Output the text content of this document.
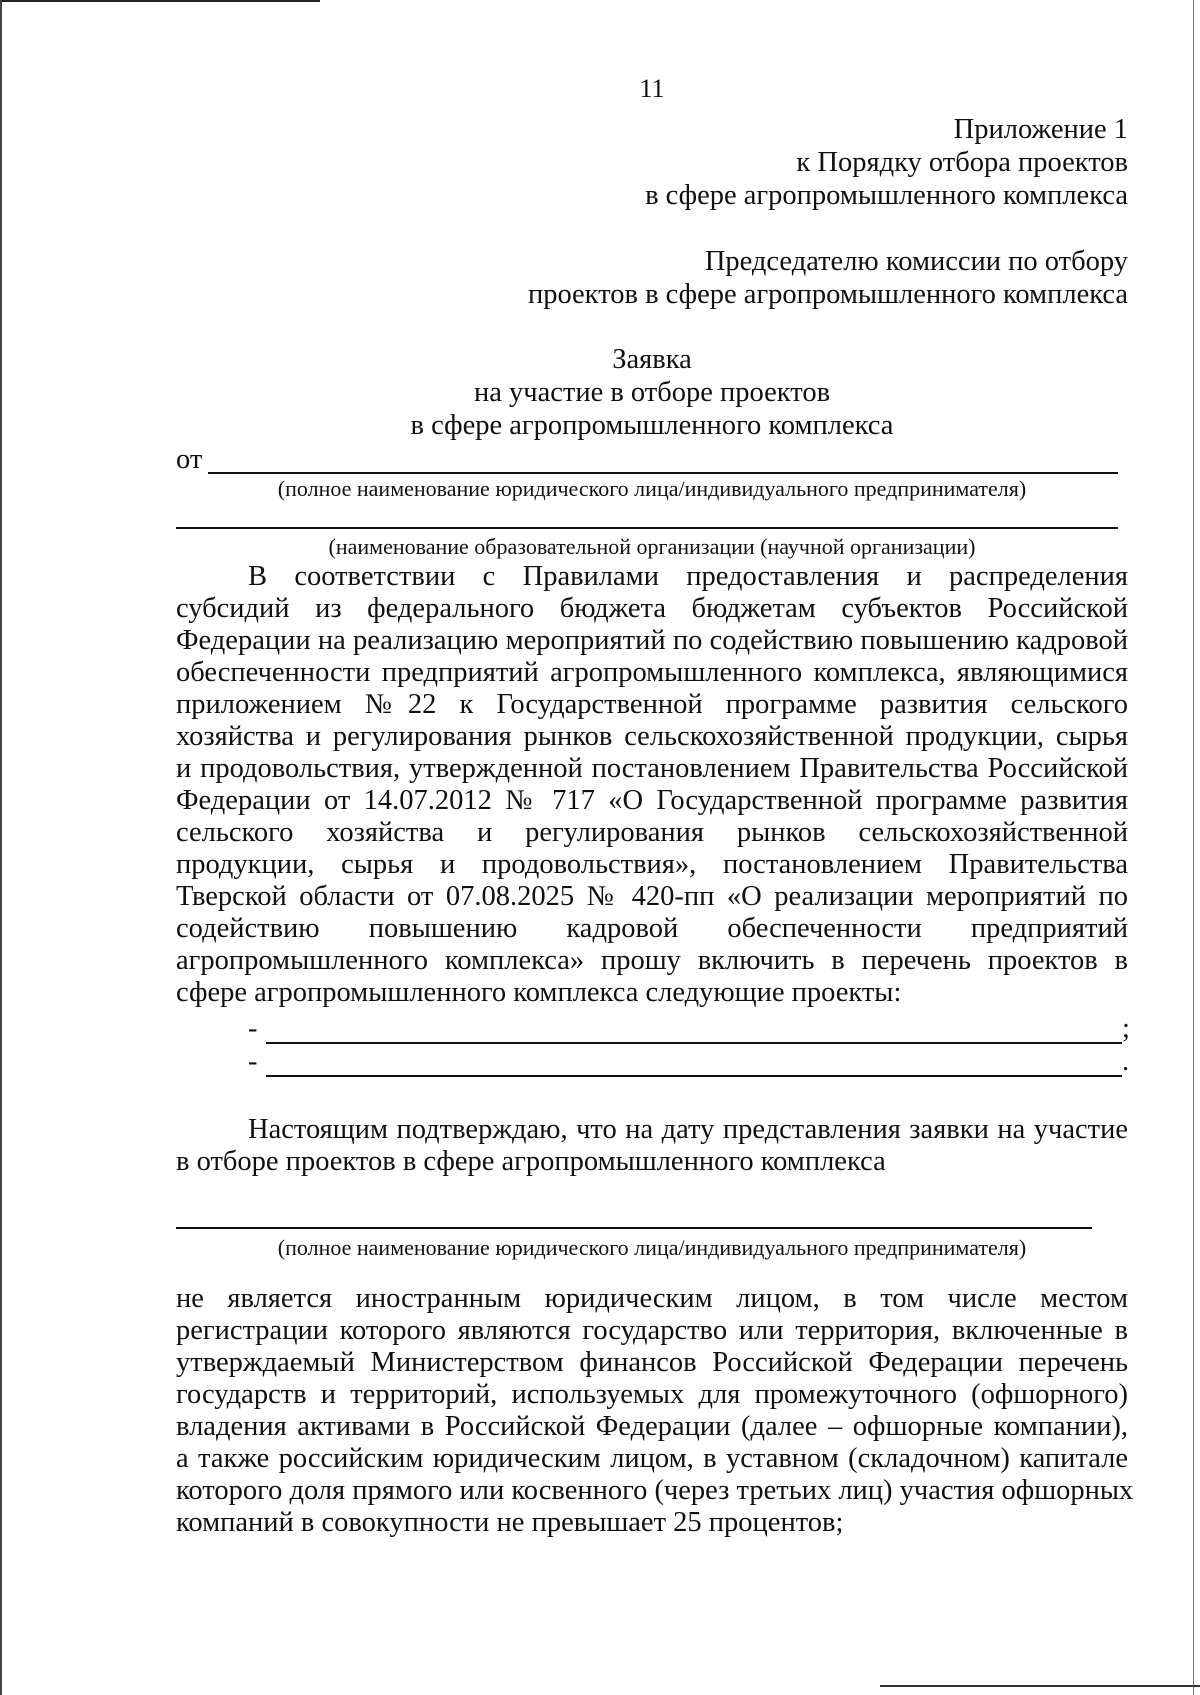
11
Приложение 1
к Порядку отбора проектов
в сфере агропромышленного комплекса
Председателю комиссии по отбору
проектов в сфере агропромышленного комплекса
Заявка
на участие в отборе проектов
в сфере агропромышленного комплекса
от
(полное наименование юридического лица/индивидуального предпринимателя)
(наименование образовательной организации (научной организации)
В соответствии с Правилами предоставления и распределения
субсидий из федерального бюджета бюджетам субъектов Российской
Федерации на реализацию мероприятий по содействию повышению кадровой
обеспеченности предприятий агропромышленного комплекса, являющимися
приложением №22 к Государственной программе развития сельского
хозяйства и регулирования рынков сельскохозяйственной продукции, сырья
и продовольствия, утвержденной постановлением Правительства Российской
Федерации от 14.07.2012 № 717 «О Государственной программе развития
сельского хозяйства и регулирования рынков сельскохозяйственной
продукции, сырья и продовольствия», постановлением Правительства
Тверской области от 07.08.2025 № 420-пп «О реализации мероприятий по
содействию повышению кадровой обеспеченности предприятий
агропромышленного комплекса» прошу включить в перечень проектов в
сфере агропромышленного комплекса следующие проекты:
-	;
-	.
Настоящим подтверждаю, что на дату представления заявки на участие
в отборе проектов в сфере агропромышленного комплекса
(полное наименование юридического лица/индивидуального предпринимателя)
не является иностранным юридическим лицом, в том числе местом
регистрации которого являются государство или территория, включенные в
утверждаемый Министерством финансов Российской Федерации перечень
государств и территорий, используемых для промежуточного (офшорного)
владения активами в Российской Федерации (далее – офшорные компании),
а также российским юридическим лицом, в уставном (складочном) капитале
которого доля прямого или косвенного (через третьих лиц) участия офшорных
компаний в совокупности не превышает 25 процентов;
